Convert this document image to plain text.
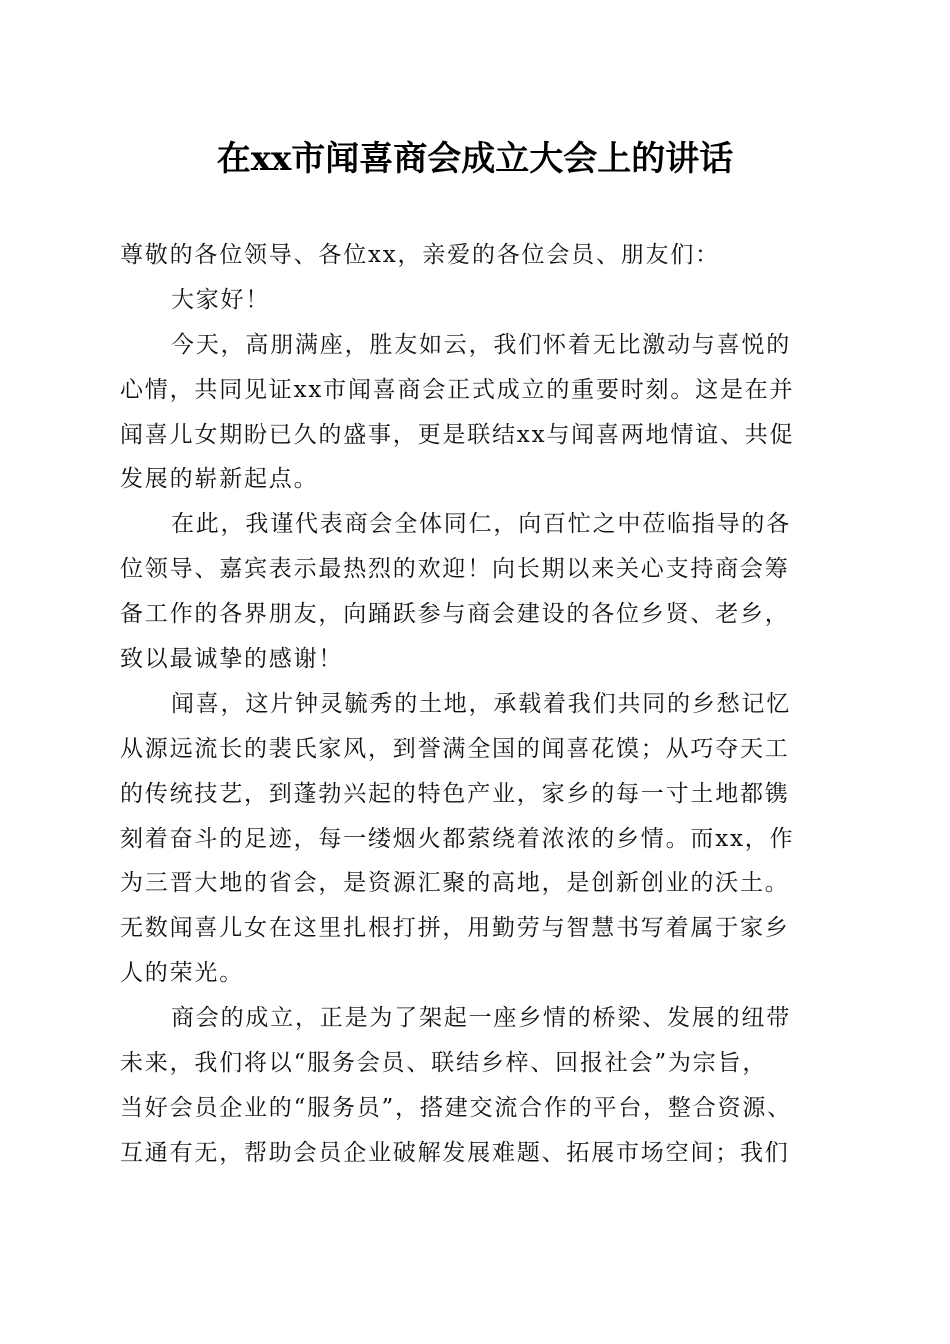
在xx市闻喜商会成立大会上的讲话
尊敬的各位领导、各位xx，亲爱的各位会员、朋友们：
大家好！
今天，高朋满座，胜友如云，我们怀着无比激动与喜悦的
心情，共同见证xx市闻喜商会正式成立的重要时刻。这是在并
闻喜儿女期盼已久的盛事，更是联结xx与闻喜两地情谊、共促
发展的崭新起点。
在此，我谨代表商会全体同仁，向百忙之中莅临指导的各
位领导、嘉宾表示最热烈的欢迎！向长期以来关心支持商会筹
备工作的各界朋友，向踊跃参与商会建设的各位乡贤、老乡，
致以最诚挚的感谢！
闻喜，这片钟灵毓秀的土地，承载着我们共同的乡愁记忆
从源远流长的裴氏家风，到誉满全国的闻喜花馍；从巧夺天工
的传统技艺，到蓬勃兴起的特色产业，家乡的每一寸土地都镌
刻着奋斗的足迹，每一缕烟火都萦绕着浓浓的乡情。而xx，作
为三晋大地的省会，是资源汇聚的高地，是创新创业的沃土。
无数闻喜儿女在这里扎根打拼，用勤劳与智慧书写着属于家乡
人的荣光。
商会的成立，正是为了架起一座乡情的桥梁、发展的纽带
未来，我们将以“服务会员、联结乡梓、回报社会”为宗旨，
当好会员企业的“服务员”，搭建交流合作的平台，整合资源、
互通有无，帮助会员企业破解发展难题、拓展市场空间；我们
